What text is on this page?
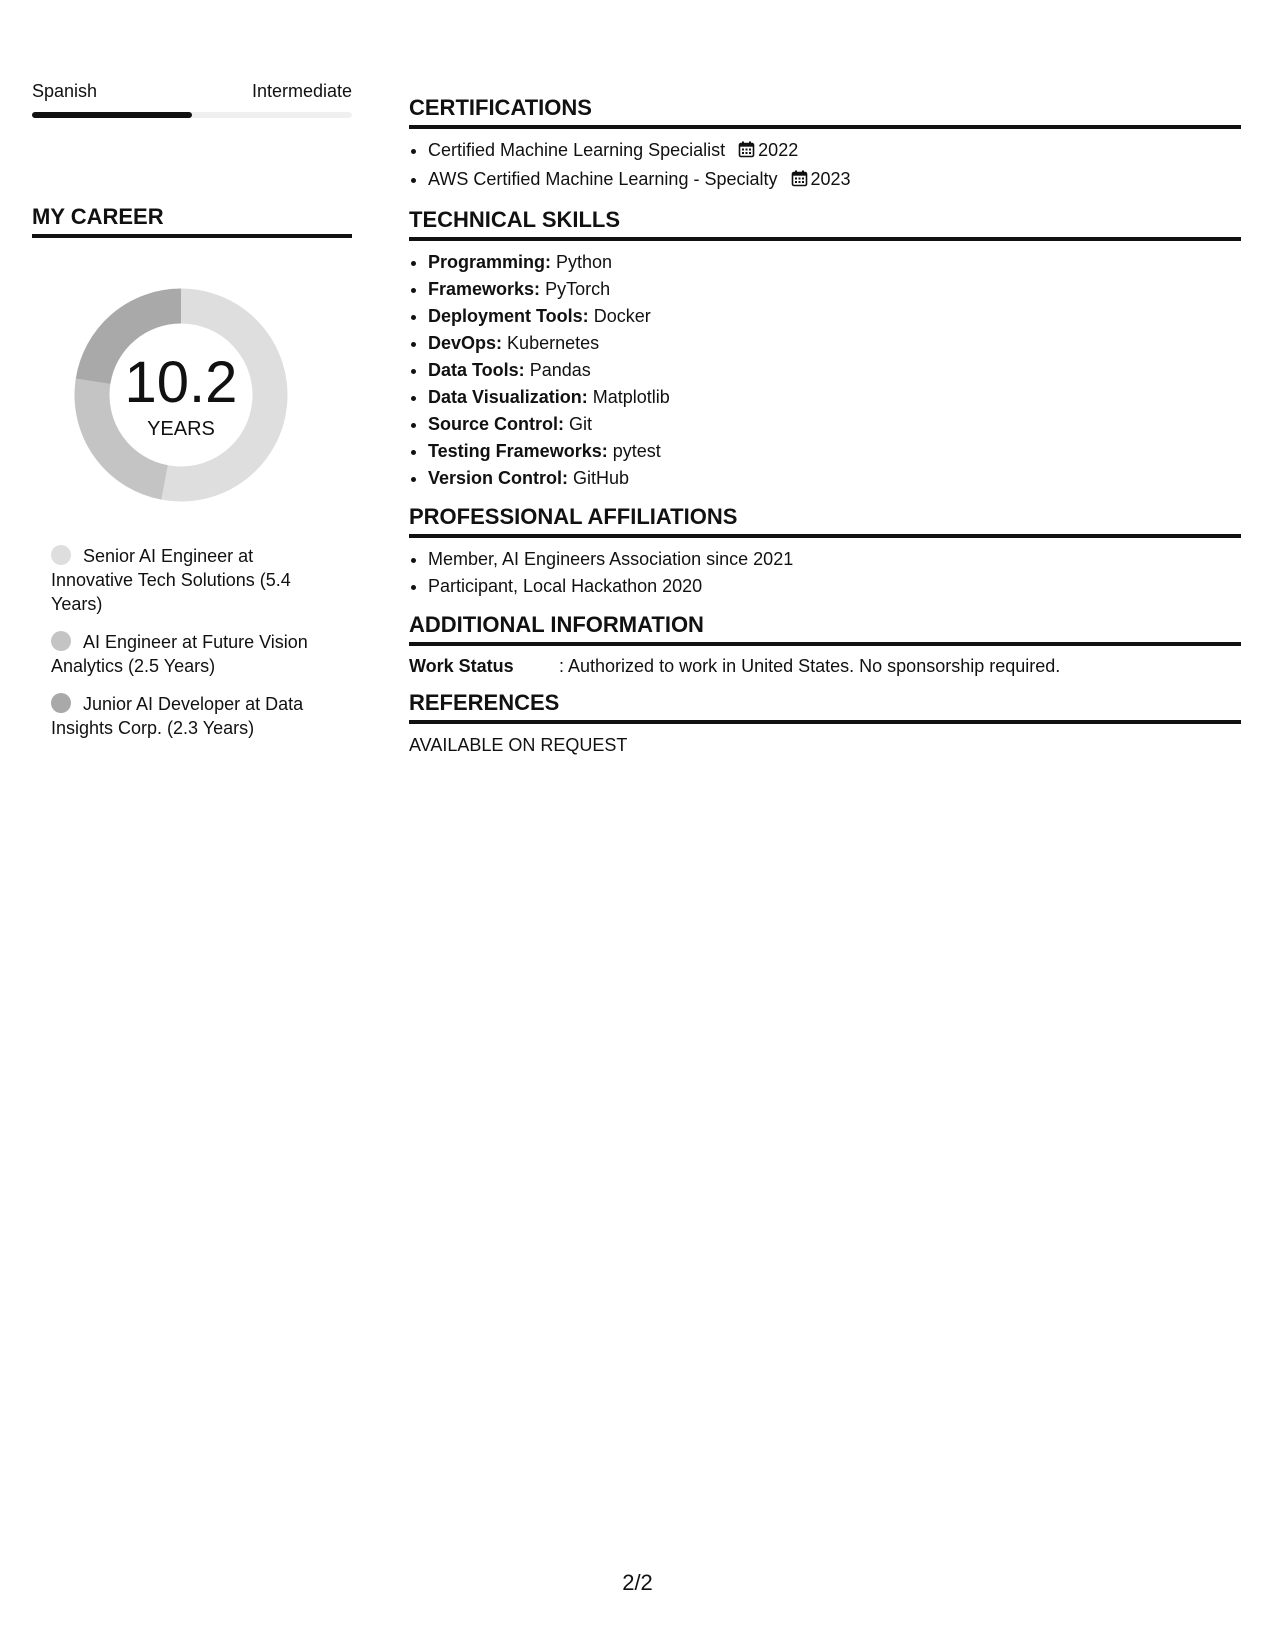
Spanish	Intermediate
MY CAREER
10.2
YEARS
Senior AI Engineer at Innovative Tech Solutions (5.4 Years)
AI Engineer at Future Vision Analytics (2.5 Years)
Junior AI Developer at Data Insights Corp. (2.3 Years)
CERTIFICATIONS
• Certified Machine Learning Specialist 2022
• AWS Certified Machine Learning - Specialty 2023
TECHNICAL SKILLS
• Programming: Python
• Frameworks: PyTorch
• Deployment Tools: Docker
• DevOps: Kubernetes
• Data Tools: Pandas
• Data Visualization: Matplotlib
• Source Control: Git
• Testing Frameworks: pytest
• Version Control: GitHub
PROFESSIONAL AFFILIATIONS
• Member, AI Engineers Association since 2021
• Participant, Local Hackathon 2020
ADDITIONAL INFORMATION
Work Status	: Authorized to work in United States. No sponsorship required.
REFERENCES
AVAILABLE ON REQUEST
2/2
